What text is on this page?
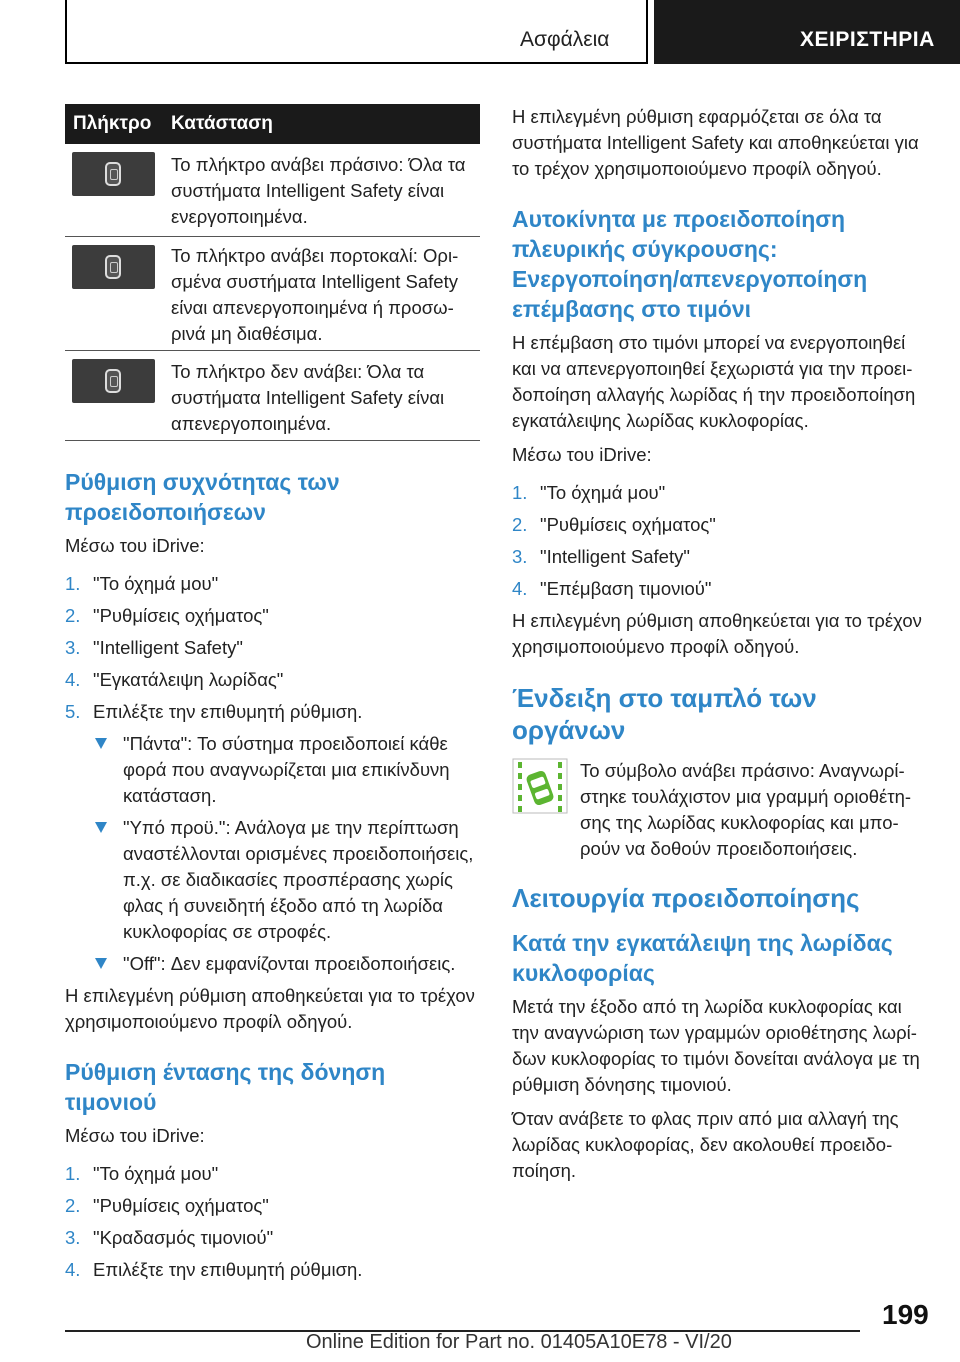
Ασφάλεια	ΧΕΙΡΙΣΤΗΡΙΑ
Πλήκτρο Κατάσταση
Το πλήκτρο ανάβει πράσινο: Όλα τα συστήματα Intelligent Safety είναι ενεργοποιημένα.
Το πλήκτρο ανάβει πορτοκαλί: Ορισμένα συστήματα Intelligent Safety είναι απενεργοποιημένα ή προσωρινά μη διαθέσιμα.
Το πλήκτρο δεν ανάβει: Όλα τα συστήματα Intelligent Safety είναι απενεργοποιημένα.
Ρύθμιση συχνότητας των προειδοποιήσεων
Μέσω του iDrive:
1. "Το όχημά μου"
2. "Ρυθμίσεις οχήματος"
3. "Intelligent Safety"
4. "Εγκατάλειψη λωρίδας"
5. Επιλέξτε την επιθυμητή ρύθμιση.
"Πάντα": Το σύστημα προειδοποιεί κάθε φορά που αναγνωρίζεται μια επικίνδυνη κατάσταση.
"Υπό προϋ.": Ανάλογα με την περίπτωση αναστέλλονται ορισμένες προειδοποιήσεις, π.χ. σε διαδικασίες προσπέρασης χωρίς φλας ή συνειδητή έξοδο από τη λωρίδα κυκλοφορίας σε στροφές.
"Off": Δεν εμφανίζονται προειδοποιήσεις.
Η επιλεγμένη ρύθμιση αποθηκεύεται για το τρέχον χρησιμοποιούμενο προφίλ οδηγού.
Ρύθμιση έντασης της δόνηση τιμονιού
Μέσω του iDrive:
1. "Το όχημά μου"
2. "Ρυθμίσεις οχήματος"
3. "Κραδασμός τιμονιού"
4. Επιλέξτε την επιθυμητή ρύθμιση.
Η επιλεγμένη ρύθμιση εφαρμόζεται σε όλα τα συστήματα Intelligent Safety και αποθηκεύεται για το τρέχον χρησιμοποιούμενο προφίλ οδηγού.
Αυτοκίνητα με προειδοποίηση πλευρικής σύγκρουσης: Ενεργοποίηση/απενεργοποίηση επέμβασης στο τιμόνι
Η επέμβαση στο τιμόνι μπορεί να ενεργοποιηθεί και να απενεργοποιηθεί ξεχωριστά για την προειδοποίηση αλλαγής λωρίδας ή την προειδοποίηση εγκατάλειψης λωρίδας κυκλοφορίας.
Μέσω του iDrive:
1. "Το όχημά μου"
2. "Ρυθμίσεις οχήματος"
3. "Intelligent Safety"
4. "Επέμβαση τιμονιού"
Η επιλεγμένη ρύθμιση αποθηκεύεται για το τρέχον χρησιμοποιούμενο προφίλ οδηγού.
Ένδειξη στο ταμπλό των οργάνων
Το σύμβολο ανάβει πράσινο: Αναγνωρίστηκε τουλάχιστον μια γραμμή οριοθέτησης της λωρίδας κυκλοφορίας και μπορούν να δοθούν προειδοποιήσεις.
Λειτουργία προειδοποίησης
Κατά την εγκατάλειψη της λωρίδας κυκλοφορίας
Μετά την έξοδο από τη λωρίδα κυκλοφορίας και την αναγνώριση των γραμμών οριοθέτησης λωρίδων κυκλοφορίας το τιμόνι δονείται ανάλογα με τη ρύθμιση δόνησης τιμονιού.
Όταν ανάβετε το φλας πριν από μια αλλαγή της λωρίδας κυκλοφορίας, δεν ακολουθεί προειδοποίηση.
199
Online Edition for Part no. 01405A10E78 - VI/20
